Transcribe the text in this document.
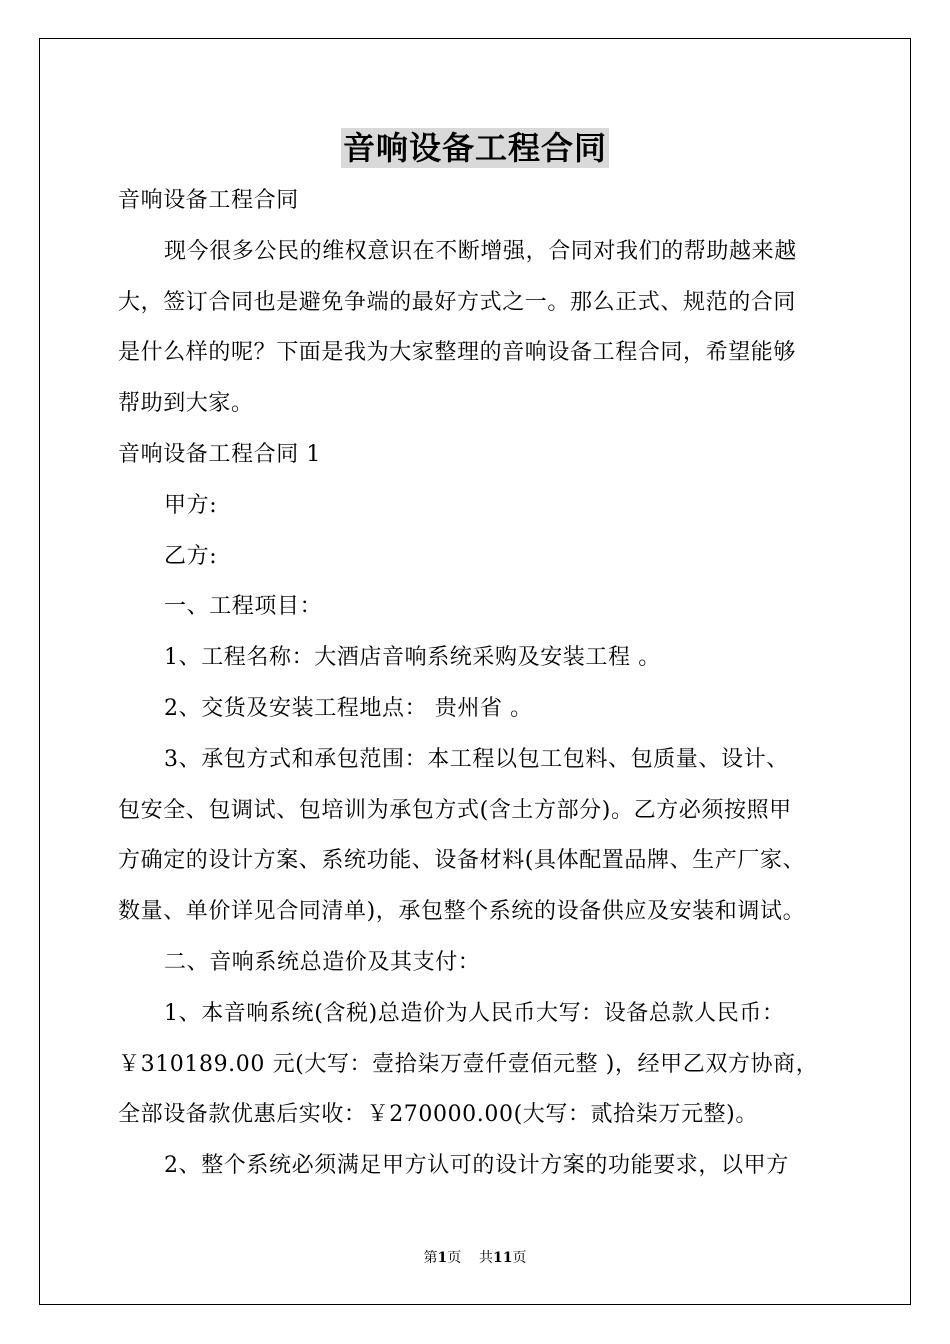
音响设备工程合同
音响设备工程合同
现今很多公民的维权意识在不断增强，合同对我们的帮助越来越
大，签订合同也是避免争端的最好方式之一。那么正式、规范的合同
是什么样的呢？下面是我为大家整理的音响设备工程合同，希望能够
帮助到大家。
音响设备工程合同 1
甲方:
乙方:
一、工程项目：
1、工程名称：大酒店音响系统采购及安装工程 。
2、交货及安装工程地点： 贵州省 。
3、承包方式和承包范围：本工程以包工包料、包质量、设计、
包安全、包调试、包培训为承包方式(含土方部分)。乙方必须按照甲
方确定的设计方案、系统功能、设备材料(具体配置品牌、生产厂家、
数量、单价详见合同清单)，承包整个系统的设备供应及安装和调试。
二、音响系统总造价及其支付：
1、本音响系统(含税)总造价为人民币大写：设备总款人民币：
￥310189.00 元(大写：壹拾柒万壹仟壹佰元整 )，经甲乙双方协商，
全部设备款优惠后实收：￥270000.00(大写：贰拾柒万元整)。
2、整个系统必须满足甲方认可的设计方案的功能要求，以甲方
第1页 共11页
